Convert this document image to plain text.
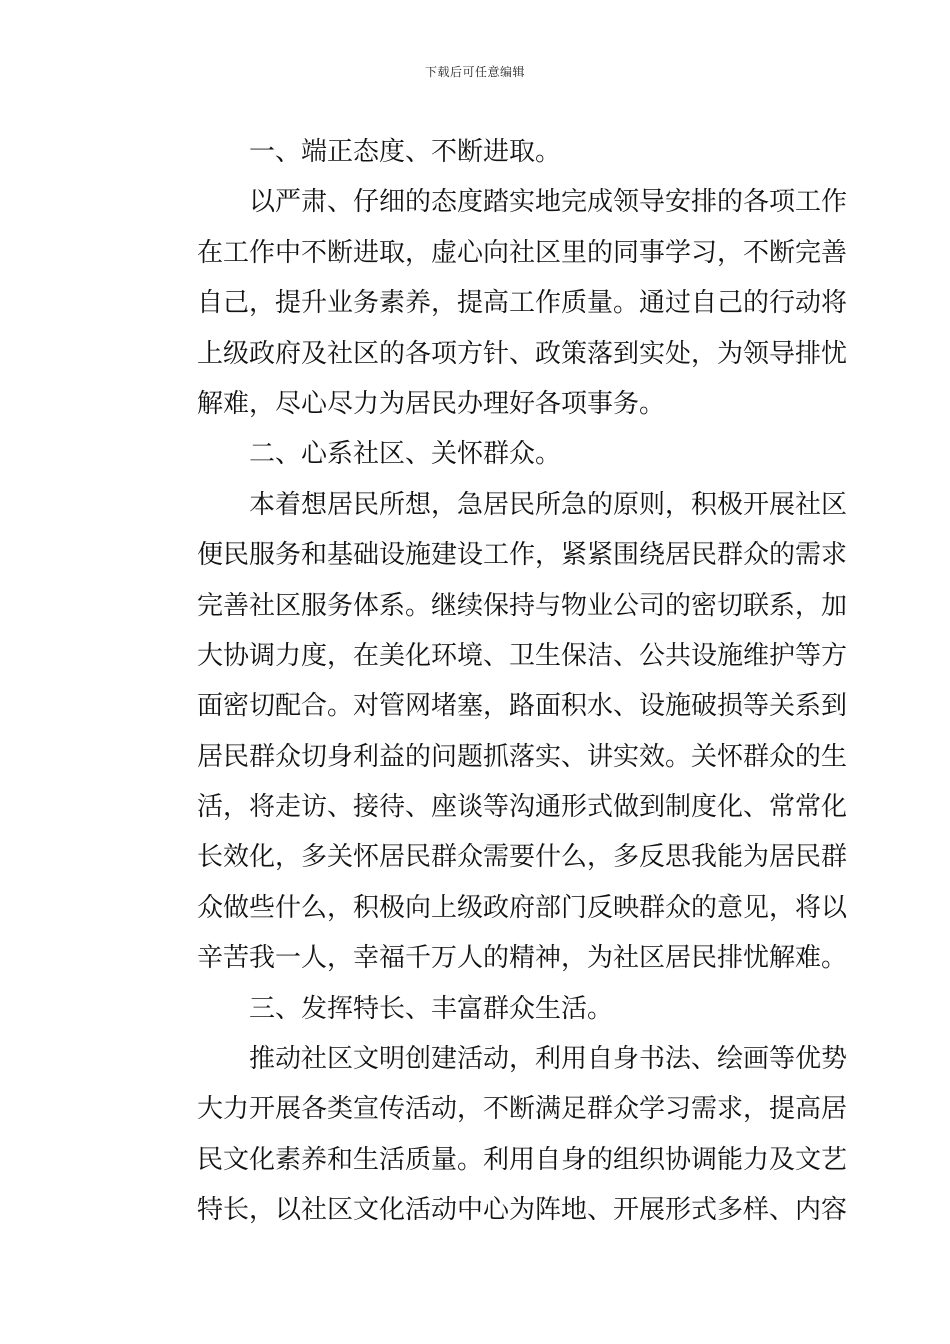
下载后可任意编辑
一、端正态度、不断进取。
以严肃、仔细的态度踏实地完成领导安排的各项工作
在工作中不断进取，虚心向社区里的同事学习，不断完善
自己，提升业务素养，提高工作质量。通过自己的行动将
上级政府及社区的各项方针、政策落到实处，为领导排忧
解难，尽心尽力为居民办理好各项事务。
二、心系社区、关怀群众。
本着想居民所想，急居民所急的原则，积极开展社区
便民服务和基础设施建设工作，紧紧围绕居民群众的需求
完善社区服务体系。继续保持与物业公司的密切联系，加
大协调力度，在美化环境、卫生保洁、公共设施维护等方
面密切配合。对管网堵塞，路面积水、设施破损等关系到
居民群众切身利益的问题抓落实、讲实效。关怀群众的生
活，将走访、接待、座谈等沟通形式做到制度化、常常化
长效化，多关怀居民群众需要什么，多反思我能为居民群
众做些什么，积极向上级政府部门反映群众的意见，将以
辛苦我一人，幸福千万人的精神，为社区居民排忧解难。
三、发挥特长、丰富群众生活。
推动社区文明创建活动，利用自身书法、绘画等优势
大力开展各类宣传活动，不断满足群众学习需求，提高居
民文化素养和生活质量。利用自身的组织协调能力及文艺
特长，以社区文化活动中心为阵地、开展形式多样、内容
